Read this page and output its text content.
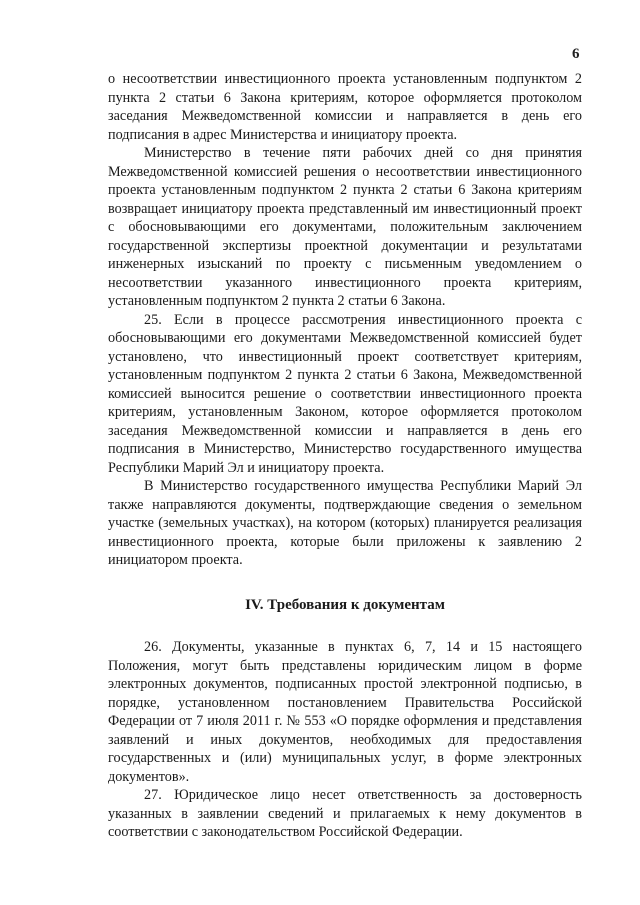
6

о несоответствии инвестиционного проекта установленным подпунктом 2 пункта 2 статьи 6 Закона критериям, которое оформляется протоколом заседания Межведомственной комиссии и направляется в день его подписания в адрес Министерства и инициатору проекта.

Министерство в течение пяти рабочих дней со дня принятия Межведомственной комиссией решения о несоответствии инвестиционного проекта установленным подпунктом 2 пункта 2 статьи 6 Закона критериям возвращает инициатору проекта представленный им инвестиционный проект с обосновывающими его документами, положительным заключением государственной экспертизы проектной документации и результатами инженерных изысканий по проекту с письменным уведомлением о несоответствии указанного инвестиционного проекта критериям, установленным подпунктом 2 пункта 2 статьи 6 Закона.

25. Если в процессе рассмотрения инвестиционного проекта с обосновывающими его документами Межведомственной комиссией будет установлено, что инвестиционный проект соответствует критериям, установленным подпунктом 2 пункта 2 статьи 6 Закона, Межведомственной комиссией выносится решение о соответствии инвестиционного проекта критериям, установленным Законом, которое оформляется протоколом заседания Межведомственной комиссии и направляется в день его подписания в Министерство, Министерство государственного имущества Республики Марий Эл и инициатору проекта.

В Министерство государственного имущества Республики Марий Эл также направляются документы, подтверждающие сведения о земельном участке (земельных участках), на котором (которых) планируется реализация инвестиционного проекта, которые были приложены к заявлению 2 инициатором проекта.

IV. Требования к документам

26. Документы, указанные в пунктах 6, 7, 14 и 15 настоящего Положения, могут быть представлены юридическим лицом в форме электронных документов, подписанных простой электронной подписью, в порядке, установленном постановлением Правительства Российской Федерации от 7 июля 2011 г. № 553 «О порядке оформления и представления заявлений и иных документов, необходимых для предоставления государственных и (или) муниципальных услуг, в форме электронных документов».

27. Юридическое лицо несет ответственность за достоверность указанных в заявлении сведений и прилагаемых к нему документов в соответствии с законодательством Российской Федерации.
